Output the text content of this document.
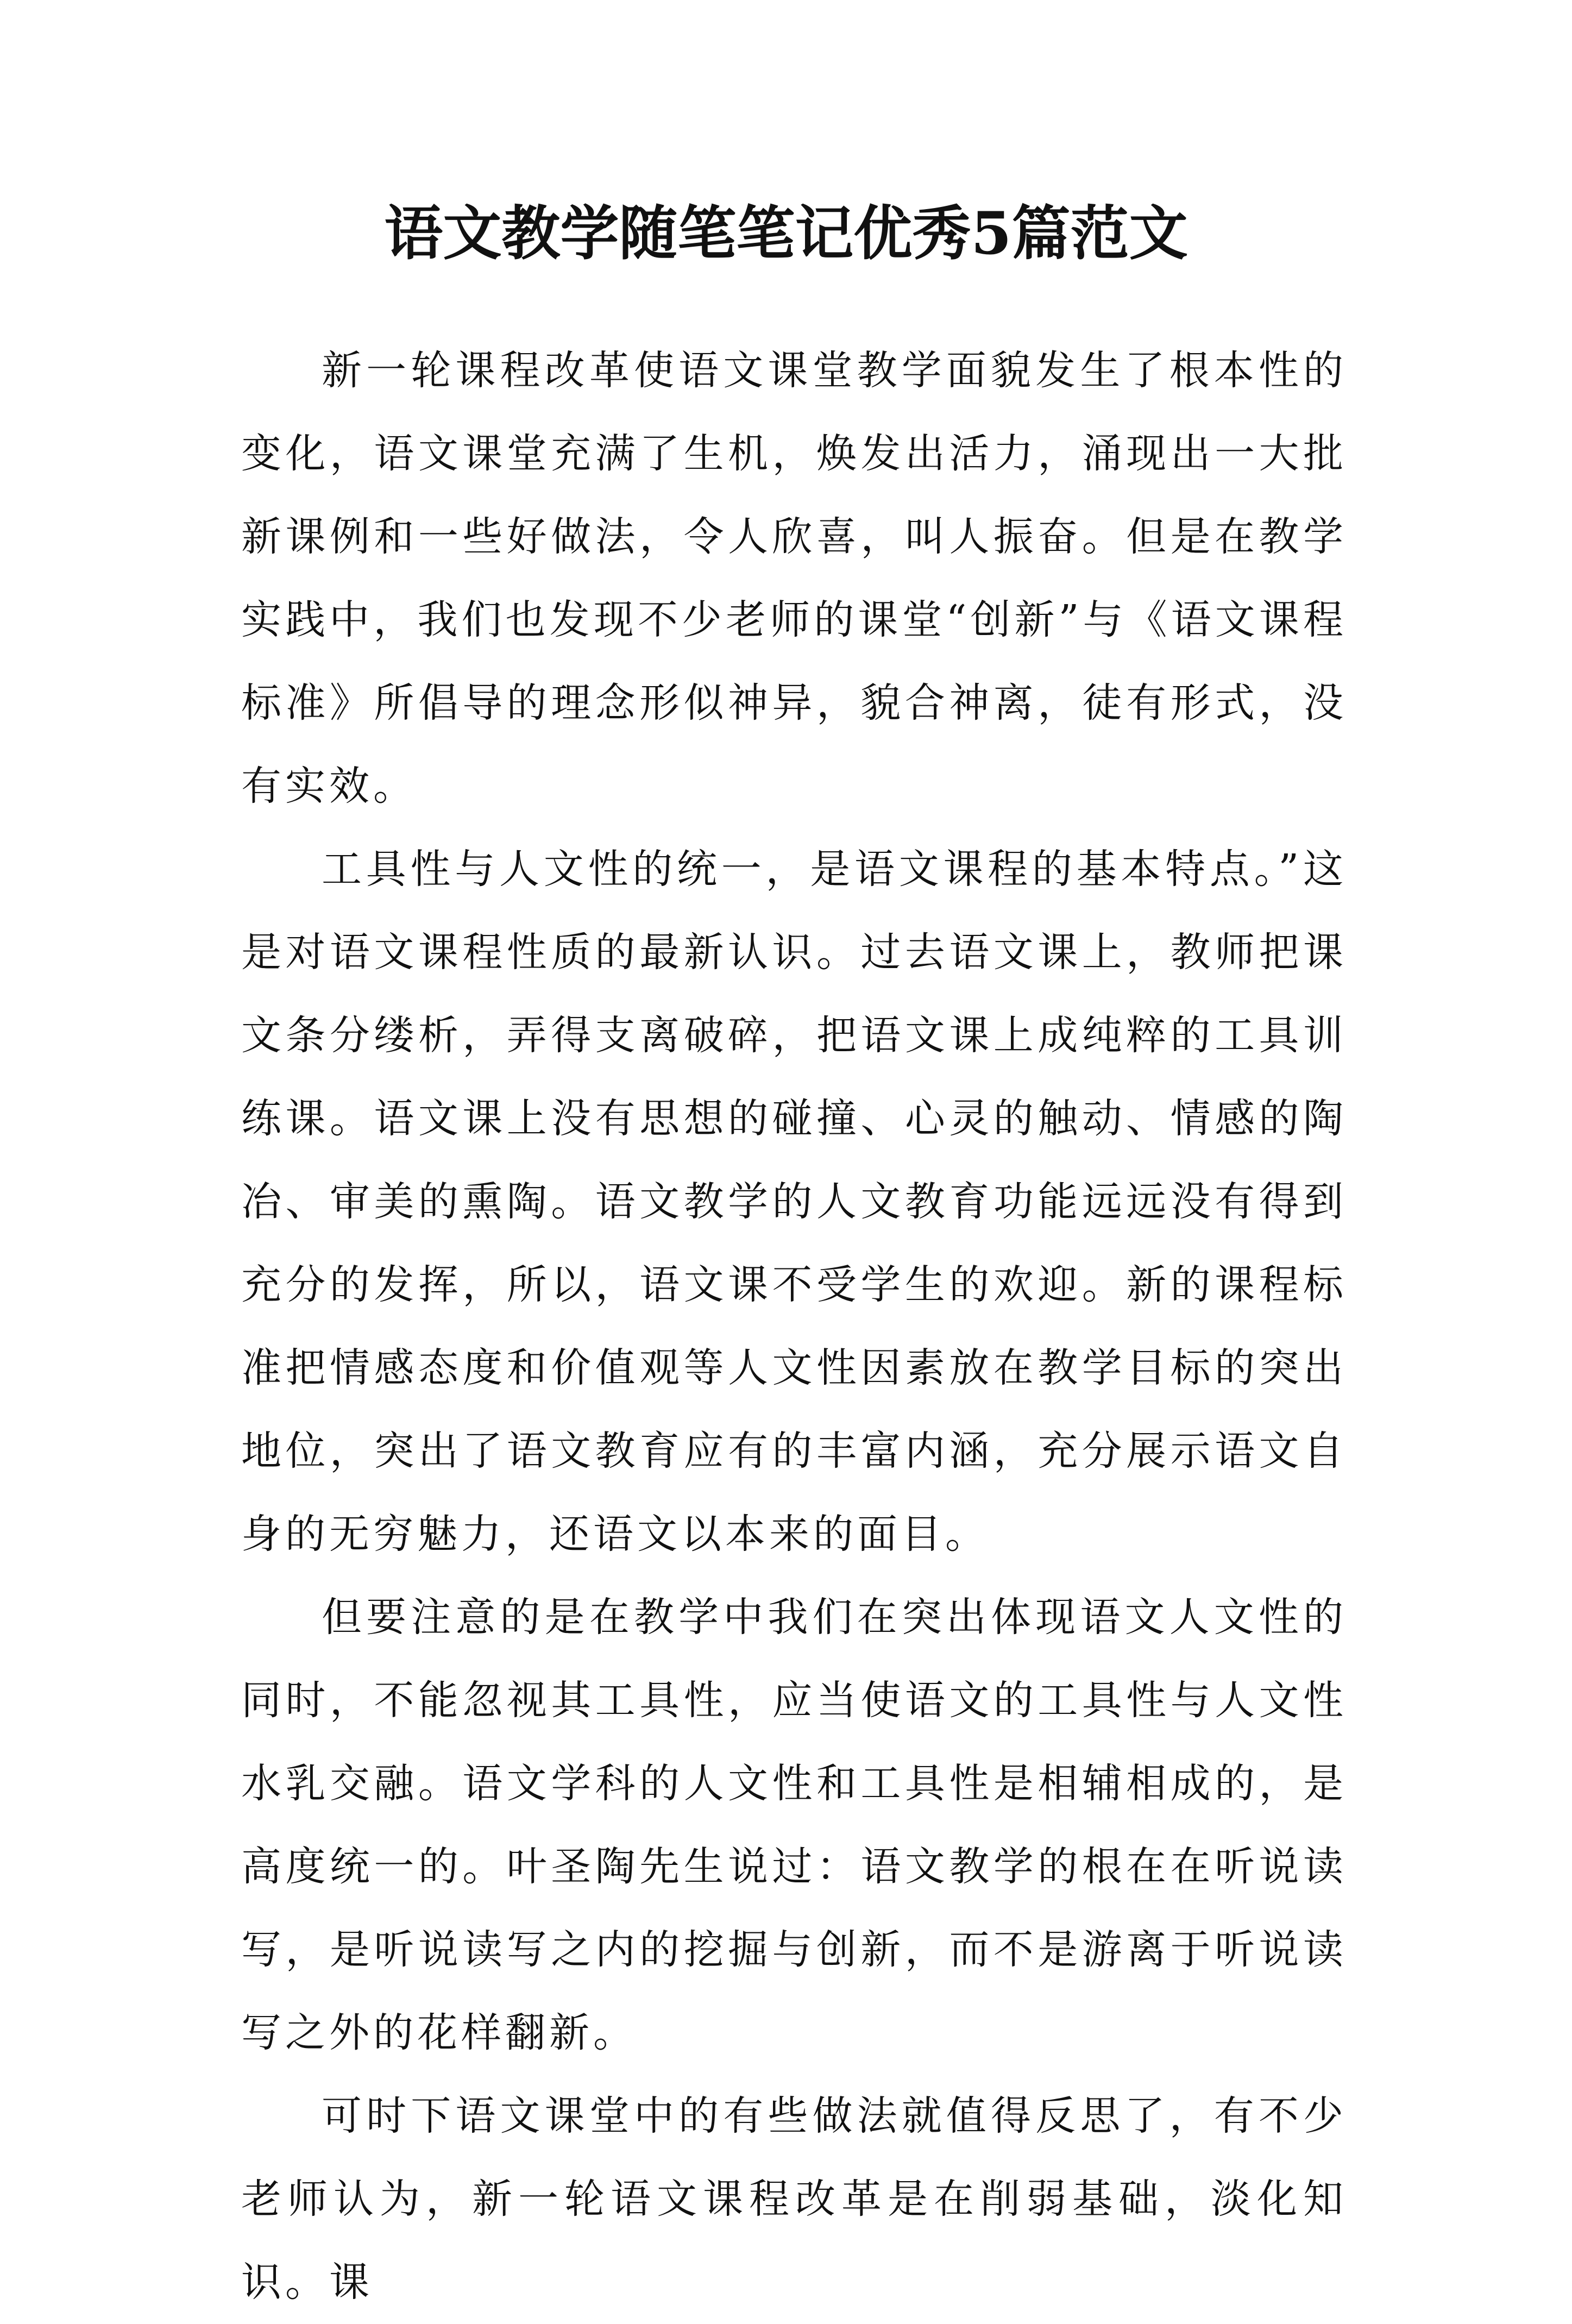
语文教学随笔笔记优秀5篇范文

新一轮课程改革使语文课堂教学面貌发生了根本性的变化，语文课堂充满了生机，焕发出活力，涌现出一大批新课例和一些好做法，令人欣喜，叫人振奋。但是在教学实践中，我们也发现不少老师的课堂“创新”与《语文课程标准》所倡导的理念形似神异，貌合神离，徒有形式，没有实效。

工具性与人文性的统一，是语文课程的基本特点。”这是对语文课程性质的最新认识。过去语文课上，教师把课文条分缕析，弄得支离破碎，把语文课上成纯粹的工具训练课。语文课上没有思想的碰撞、心灵的触动、情感的陶冶、审美的熏陶。语文教学的人文教育功能远远没有得到充分的发挥，所以，语文课不受学生的欢迎。新的课程标准把情感态度和价值观等人文性因素放在教学目标的突出地位，突出了语文教育应有的丰富内涵，充分展示语文自身的无穷魅力，还语文以本来的面目。

但要注意的是在教学中我们在突出体现语文人文性的同时，不能忽视其工具性，应当使语文的工具性与人文性水乳交融。语文学科的人文性和工具性是相辅相成的，是高度统一的。叶圣陶先生说过：语文教学的根在在听说读写，是听说读写之内的挖掘与创新，而不是游离于听说读写之外的花样翻新。

可时下语文课堂中的有些做法就值得反思了，有不少老师认为，新一轮语文课程改革是在削弱基础，淡化知识。课
